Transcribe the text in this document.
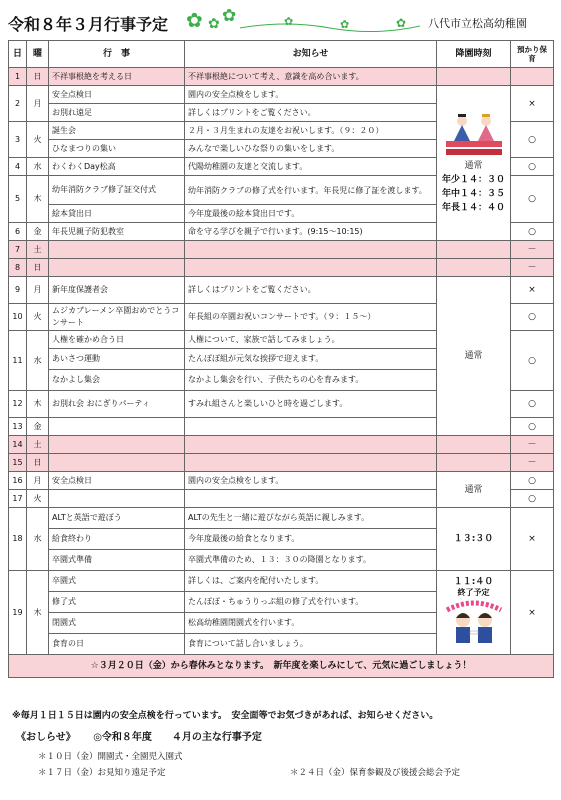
令和８年３月行事予定 ✿ ✿ ✿	✿	✿	✿ 八代市立松高幼稚園
日	曜	行　事	お知らせ	降園時刻	預かり保育
1	日	不祥事根絶を考える日	不祥事根絶について考え、意識を高め合います。		
2	月	安全点検日	園内の安全点検をします。	通常
年少１４：３０
年中１４：３５
年長１４：４０	×
		お別れ遠足	詳しくはプリントをご覧ください。		
3	火	誕生会	２月・３月生まれの友達をお祝いします。（９：２０）		○
		ひなまつりの集い	みんなで楽しいひな祭りの集いをします。		
4	水	わくわくDay松高	代陽幼稚園の友達と交流します。		○
5	木	幼年消防クラブ修了証交付式	幼年消防クラブの修了式を行います。年長児に修了証を渡します。		○
		絵本貸出日	今年度最後の絵本貸出日です。		
6	金	年長児親子防犯教室	命を守る学びを親子で行います。(9:15～10:15)		○
7	土				－
8	日				－
9	月	新年度保護者会	詳しくはプリントをご覧ください。	通常	×
10	火	ムジカブレーメン卒園おめでとうコンサート	年長組の卒園お祝いコンサートです。（９：１５～）		○
11	水	人権を確かめ合う日	人権について、家族で話してみましょう。		○
		あいさつ運動	たんぽぽ組が元気な挨拶で迎えます。		
		なかよし集会	なかよし集会を行い、子供たちの心を育みます。		
12	木	お別れ会 おにぎりパーティ	すみれ組さんと楽しいひと時を過ごします。		○
13	金				○
14	土				－
15	日				－
16	月	安全点検日	園内の安全点検をします。	通常	○
17	火				○
18	水	ALTと英語で遊ぼう	ALTの先生と一緒に遊びながら英語に親しみます。	１３:３０	×
		給食終わり	今年度最後の給食となります。		
		卒園式準備	卒園式準備のため、１３：３０の降園となります。		
19	木	卒園式	詳しくは、ご案内を配付いたします。	１１:４０
終了予定	×
		修了式	たんぽぽ・ちゅうりっぷ組の修了式を行います。		
		閉園式	松高幼稚園閉園式を行います。		
		食育の日	食育について話し合いましょう。		
☆３月２０日（金）から春休みとなります。　新年度を楽しみにして、元気に過ごしましょう！					
※毎月１日１５日は園内の安全点検を行っています。　安全面等でお気づきがあれば、お知らせください。
《おしらせ》 ◎令和８年度　　４月の主な行事予定
＊１０日（金）開園式・全園児入園式
＊１７日（金）お見知り遠足予定	＊２４日（金）保育参観及び後援会総会予定
